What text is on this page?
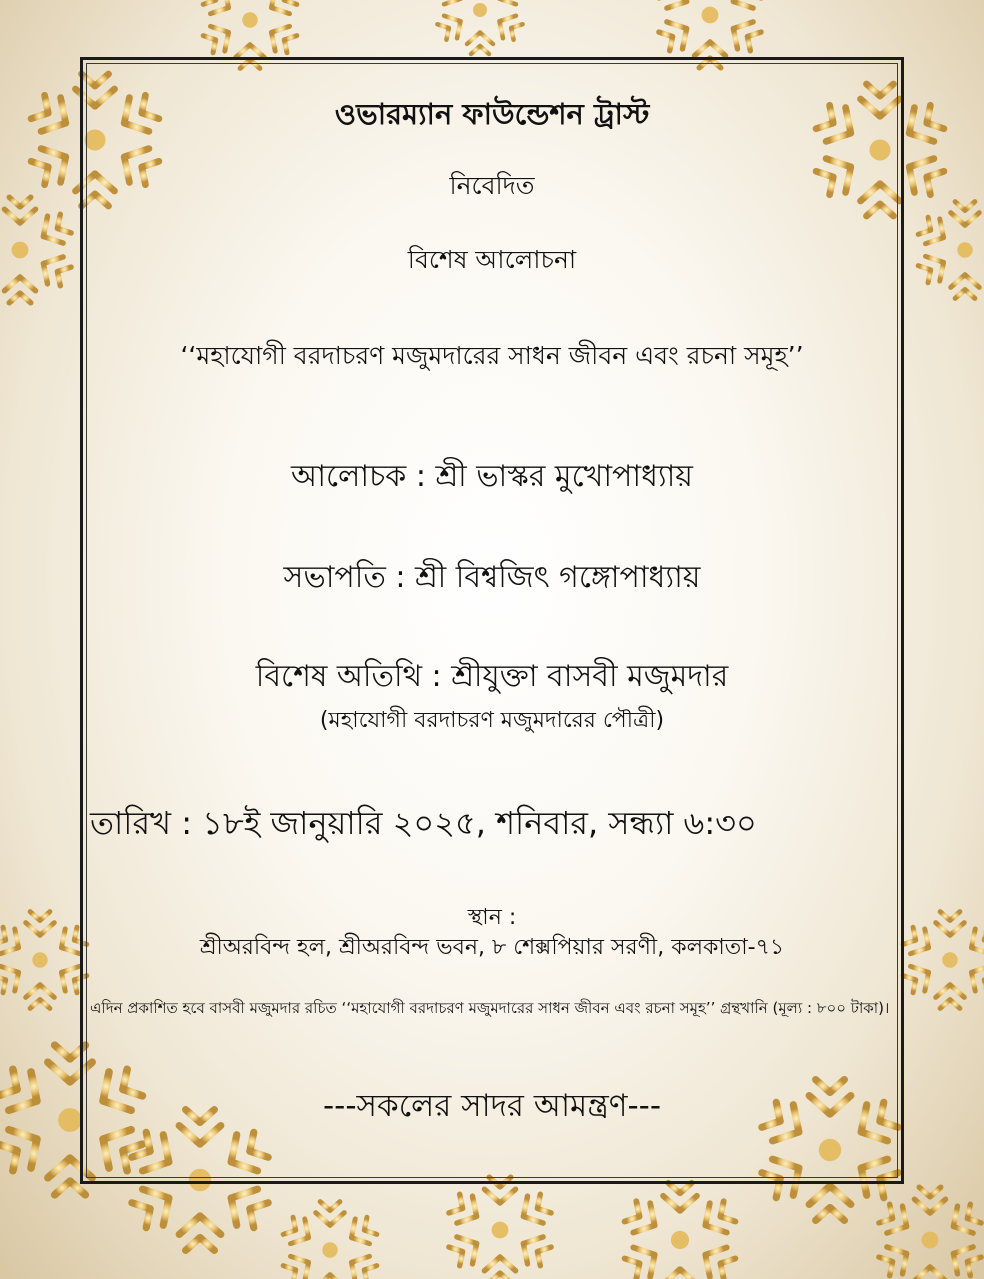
ওভারম্যান ফাউন্ডেশন ট্রাস্ট
নিবেদিত
বিশেষ আলোচনা
‘‘মহাযোগী বরদাচরণ মজুমদারের সাধন জীবন এবং রচনা সমূহ’’
আলোচক : শ্রী ভাস্কর মুখোপাধ্যায়
সভাপতি : শ্রী বিশ্বজিৎ গঙ্গোপাধ্যায়
বিশেষ অতিথি : শ্রীযুক্তা বাসবী মজুমদার
(মহাযোগী বরদাচরণ মজুমদারের পৌত্রী)
তারিখ : ১৮ই জানুয়ারি ২০২৫, শনিবার, সন্ধ্যা ৬:৩০
স্থান :
শ্রীঅরবিন্দ হল, শ্রীঅরবিন্দ ভবন, ৮ শেক্সপিয়ার সরণী, কলকাতা-৭১
এদিন প্রকাশিত হবে বাসবী মজুমদার রচিত ‘‘মহাযোগী বরদাচরণ মজুমদারের সাধন জীবন এবং রচনা সমূহ’’ গ্রন্থখানি (মূল্য : ৮০০ টাকা)।
---সকলের সাদর আমন্ত্রণ---
